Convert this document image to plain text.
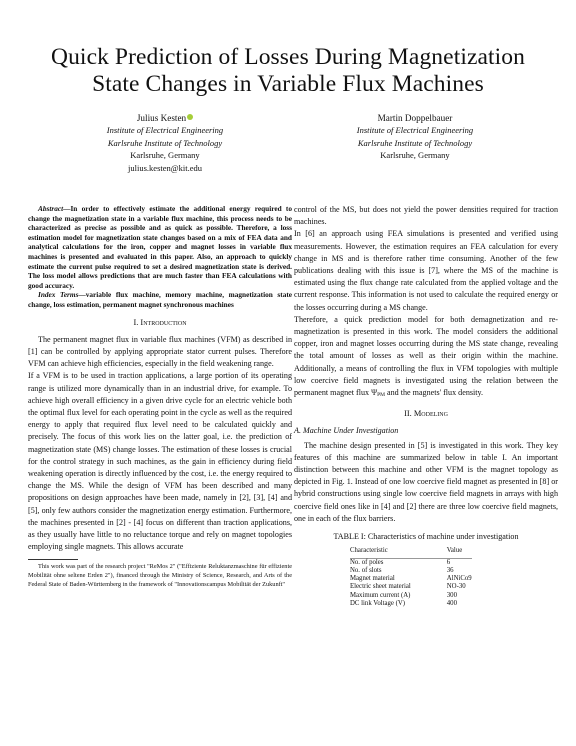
Quick Prediction of Losses During Magnetization State Changes in Variable Flux Machines
Julius Kesten
Institute of Electrical Engineering
Karlsruhe Institute of Technology
Karlsruhe, Germany
julius.kesten@kit.edu
Martin Doppelbauer
Institute of Electrical Engineering
Karlsruhe Institute of Technology
Karlsruhe, Germany

Abstract—In order to effectively estimate the additional energy required to change the magnetization state in a variable flux machine, this process needs to be characterized as precise as possible and as quick as possible. Therefore, a loss estimation model for magnetization state changes based on a mix of FEA data and analytical calculations for the iron, copper and magnet losses in variable flux machines is presented and evaluated in this paper. Also, an approach to quickly estimate the current pulse required to set a desired magnetization state is derived. The loss model allows predictions that are much faster than FEA calculations with good accuracy.

Index Terms—variable flux machine, memory machine, magnetization state change, loss estimation, permanent magnet synchronous machines

I. Introduction

The permanent magnet flux in variable flux machines (VFM) as described in [1] can be controlled by applying appropriate stator current pulses. Therefore VFM can achieve high efficiencies, especially in the field weakening range.

If a VFM is to be used in traction applications, a large portion of its operating range is utilized more dynamically than in an industrial drive, for example. To achieve high overall efficiency in a given drive cycle for an electric vehicle both the optimal flux level for each operating point in the cycle as well as the required energy to apply that required flux level need to be calculated quickly and precisely. The focus of this work lies on the latter goal, i.e. the prediction of magnetization state (MS) change losses. The estimation of these losses is crucial for the control strategy in such machines, as the gain in efficiency during field weakening operation is directly influenced by the cost, i.e. the energy required to change the MS. While the design of VFM has been described and many propositions on design approaches have been made, namely in [2], [3], [4] and [5], only few authors consider the magnetization energy estimation. Furthermore, the machines presented in [2] - [4] focus on different than traction applications, as they usually have little to no reluctance torque and rely on magnet topologies employing single magnets. This allows accurate

This work was part of the research project "ReMos 2" ("Effiziente Reluktanzmaschine für effiziente Mobilität ohne seltene Erden 2"), financed through the Ministry of Science, Research, and Arts of the Federal State of Baden-Württemberg in the framework of "Innovationscampus Mobilität der Zukunft"

control of the MS, but does not yield the power densities required for traction machines.

In [6] an approach using FEA simulations is presented and verified using measurements. However, the estimation requires an FEA calculation for every change in MS and is therefore rather time consuming. Another of the few publications dealing with this issue is [7], where the MS of the machine is estimated using the flux change rate calculated from the applied voltage and the current response. This information is not used to calculate the required energy or the losses occurring during a MS change.

Therefore, a quick prediction model for both demagnetization and re-magnetization is presented in this work. The model considers the additional copper, iron and magnet losses occurring during the MS state change, revealing the total amount of losses as well as their origin within the machine. Additionally, a means of controlling the flux in VFM topologies with multiple low coercive field magnets is investigated using the relation between the permanent magnet flux ΨPM and the magnets' flux density.

II. Modeling
A. Machine Under Investigation

The machine design presented in [5] is investigated in this work. They key features of this machine are summarized below in table I. An important distinction between this machine and other VFM is the magnet topology as depicted in Fig. 1. Instead of one low coercive field magnet as presented in [8] or hybrid constructions using single low coercive field magnets in arrays with high coercive field ones like in [4] and [2] there are three low coercive field magnets, one in each of the flux barriers.

TABLE I: Characteristics of machine under investigation
Characteristic	Value
No. of poles	6
No. of slots	36
Magnet material	AlNiCo9
Electric sheet material	NO-30
Maximum current (A)	300
DC link Voltage (V)	400
